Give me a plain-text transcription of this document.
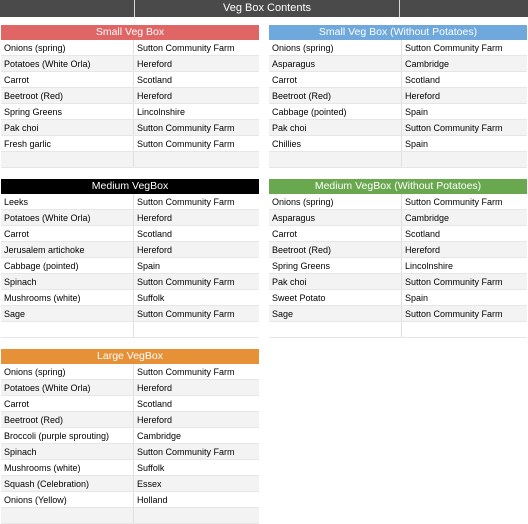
Veg Box Contents
Small Veg Box
Onions (spring)	Sutton Community Farm
Potatoes (White Orla)	Hereford
Carrot	Scotland
Beetroot (Red)	Hereford
Spring Greens	Lincolnshire
Pak choi	Sutton Community Farm
Fresh garlic	Sutton Community Farm
Small Veg Box (Without Potatoes)
Onions (spring)	Sutton Community Farm
Asparagus	Cambridge
Carrot	Scotland
Beetroot (Red)	Hereford
Cabbage (pointed)	Spain
Pak choi	Sutton Community Farm
Chillies	Spain
Medium VegBox
Leeks	Sutton Community Farm
Potatoes (White Orla)	Hereford
Carrot	Scotland
Jerusalem artichoke	Hereford
Cabbage (pointed)	Spain
Spinach	Sutton Community Farm
Mushrooms (white)	Suffolk
Sage	Sutton Community Farm
Medium VegBox (Without Potatoes)
Onions (spring)	Sutton Community Farm
Asparagus	Cambridge
Carrot	Scotland
Beetroot (Red)	Hereford
Spring Greens	Lincolnshire
Pak choi	Sutton Community Farm
Sweet Potato	Spain
Sage	Sutton Community Farm
Large VegBox
Onions (spring)	Sutton Community Farm
Potatoes (White Orla)	Hereford
Carrot	Scotland
Beetroot (Red)	Hereford
Broccoli (purple sprouting)	Cambridge
Spinach	Sutton Community Farm
Mushrooms (white)	Suffolk
Squash (Celebration)	Essex
Onions (Yellow)	Holland
